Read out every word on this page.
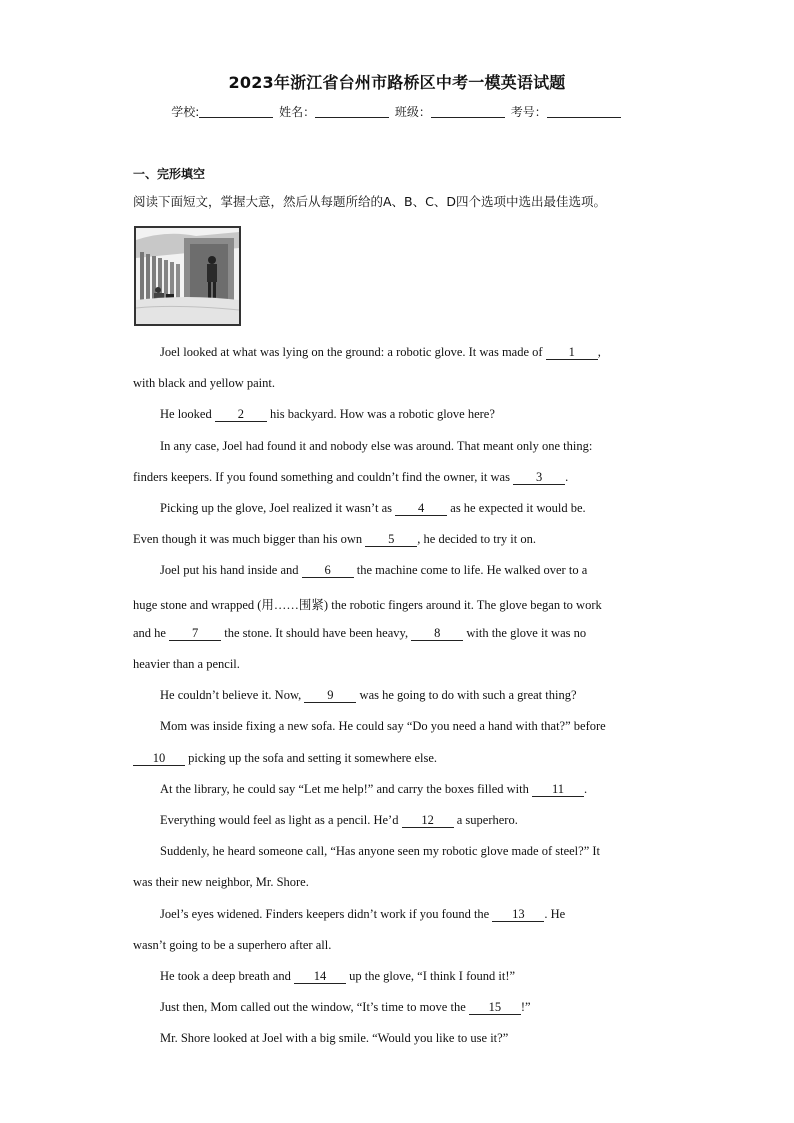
2023年浙江省台州市路桥区中考一模英语试题
学校:	姓名：	班级：	考号：
一、完形填空
阅读下面短文，掌握大意，然后从每题所给的A、B、C、D四个选项中选出最佳选项。
Joel looked at what was lying on the ground: a robotic glove. It was made of 1 ,
with black and yellow paint.
He looked 2 his backyard. How was a robotic glove here?
In any case, Joel had found it and nobody else was around. That meant only one thing:
finders keepers. If you found something and couldn’t find the owner, it was 3 .
Picking up the glove, Joel realized it wasn’t as 4 as he expected it would be.
Even though it was much bigger than his own 5 , he decided to try it on.
Joel put his hand inside and 6 the machine come to life. He walked over to a
huge stone and wrapped (用……围紧) the robotic fingers around it. The glove began to work
and he 7 the stone. It should have been heavy, 8 with the glove it was no
heavier than a pencil.
He couldn’t believe it. Now, 9 was he going to do with such a great thing?
Mom was inside fixing a new sofa. He could say “Do you need a hand with that?” before
10 picking up the sofa and setting it somewhere else.
At the library, he could say “Let me help!” and carry the boxes filled with 11 .
Everything would feel as light as a pencil. He’d 12 a superhero.
Suddenly, he heard someone call, “Has anyone seen my robotic glove made of steel?” It
was their new neighbor, Mr. Shore.
Joel’s eyes widened. Finders keepers didn’t work if you found the 13 . He
wasn’t going to be a superhero after all.
He took a deep breath and 14 up the glove, “I think I found it!”
Just then, Mom called out the window, “It’s time to move the 15 !”
Mr. Shore looked at Joel with a big smile. “Would you like to use it?”
